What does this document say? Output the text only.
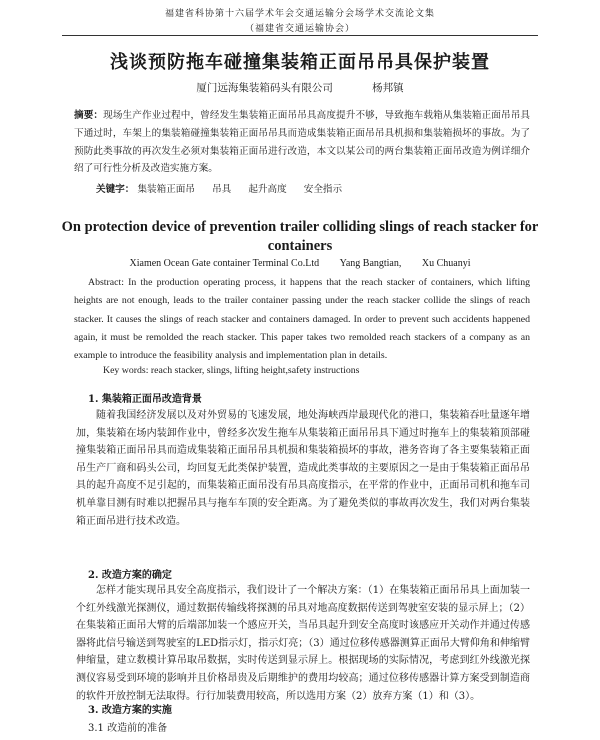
福建省科协第十六届学术年会交通运输分会场学术交流论文集
（福建省交通运输协会）
浅谈预防拖车碰撞集装箱正面吊吊具保护装置
厦门远海集装箱码头有限公司	杨邦镇
摘要：现场生产作业过程中，曾经发生集装箱正面吊吊具高度提升不够，导致拖车载箱从集装箱正面吊吊具下通过时，车架上的集装箱碰撞集装箱正面吊吊具而造成集装箱正面吊吊具机损和集装箱损坏的事故。为了预防此类事故的再次发生必须对集装箱正面吊进行改造，本文以某公司的两台集装箱正面吊改造为例详细介绍了可行性分析及改造实施方案。
关键字： 集装箱正面吊 吊具 起升高度 安全指示
On protection device of prevention trailer colliding slings of reach stacker for containers
Xiamen Ocean Gate container Terminal Co.Ltd Yang Bangtian, Xu Chuanyi
Abstract: In the production operating process, it happens that the reach stacker of containers, which lifting heights are not enough, leads to the trailer container passing under the reach stacker collide the slings of reach stacker. It causes the slings of reach stacker and containers damaged. In order to prevent such accidents happened again, it must be remolded the reach stacker. This paper takes two remolded reach stackers of a company as an example to introduce the feasibility analysis and implementation plan in details.
Key words: reach stacker, slings, lifting height,safety instructions
1. 集装箱正面吊改造背景
随着我国经济发展以及对外贸易的飞速发展，地处海峡西岸最现代化的港口，集装箱吞吐量逐年增加，集装箱在场内装卸作业中，曾经多次发生拖车从集装箱正面吊吊具下通过时拖车上的集装箱顶部碰撞集装箱正面吊吊具而造成集装箱正面吊吊具机损和集装箱损坏的事故，港务咨询了各主要集装箱正面吊生产厂商和码头公司，均回复无此类保护装置，造成此类事故的主要原因之一是由于集装箱正面吊吊具的起升高度不足引起的，而集装箱正面吊没有吊具高度指示，在平常的作业中，正面吊司机和拖车司机单靠目测有时难以把握吊具与拖车车顶的安全距离。为了避免类似的事故再次发生，我们对两台集装箱正面吊进行技术改造。
2. 改造方案的确定
怎样才能实现吊具安全高度指示，我们设计了一个解决方案：（1）在集装箱正面吊吊具上面加装一个红外线激光探测仪，通过数据传输线将探测的吊具对地高度数据传送到驾驶室安装的显示屏上；（2）在集装箱正面吊大臂的后端部加装一个感应开关，当吊具起升到安全高度时该感应开关动作并通过传感器将此信号输送到驾驶室的LED指示灯，指示灯亮；（3）通过位移传感器测算正面吊大臂仰角和伸缩臂伸缩量，建立数模计算吊取吊数据，实时传送到显示屏上。根据现场的实际情况，考虑到红外线激光探测仪容易受到环境的影响并且价格昂贵及后期维护的费用均较高；通过位移传感器计算方案受到制造商的软件开放控制无法取得。行行加装费用较高，所以选用方案（2）放弃方案（1）和（3）。
3. 改造方案的实施
3.1 改造前的准备
